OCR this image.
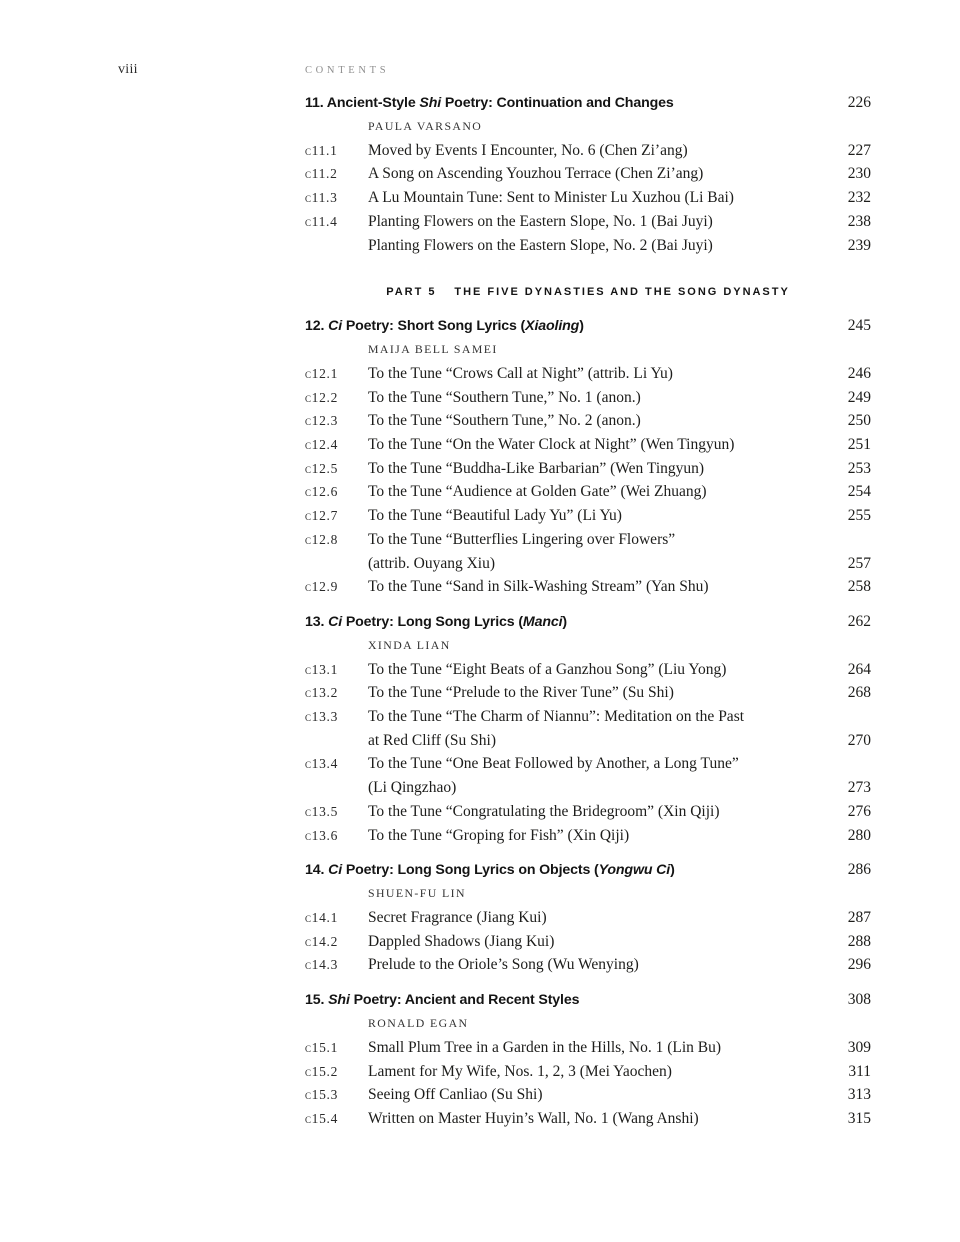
viii	CONTENTS
11. Ancient-Style Shi Poetry: Continuation and Changes	226
PAULA VARSANO
c11.1	Moved by Events I Encounter, No. 6 (Chen Zi’ang)	227
c11.2	A Song on Ascending Youzhou Terrace (Chen Zi’ang)	230
c11.3	A Lu Mountain Tune: Sent to Minister Lu Xuzhou (Li Bai)	232
c11.4	Planting Flowers on the Eastern Slope, No. 1 (Bai Juyi)	238
Planting Flowers on the Eastern Slope, No. 2 (Bai Juyi)	239
PART 5 THE FIVE DYNASTIES AND THE SONG DYNASTY
12. Ci Poetry: Short Song Lyrics (Xiaoling)	245
MAIJA BELL SAMEI
c12.1	To the Tune “Crows Call at Night” (attrib. Li Yu)	246
c12.2	To the Tune “Southern Tune,” No. 1 (anon.)	249
c12.3	To the Tune “Southern Tune,” No. 2 (anon.)	250
c12.4	To the Tune “On the Water Clock at Night” (Wen Tingyun)	251
c12.5	To the Tune “Buddha-Like Barbarian” (Wen Tingyun)	253
c12.6	To the Tune “Audience at Golden Gate” (Wei Zhuang)	254
c12.7	To the Tune “Beautiful Lady Yu” (Li Yu)	255
c12.8	To the Tune “Butterflies Lingering over Flowers”
(attrib. Ouyang Xiu)	257
c12.9	To the Tune “Sand in Silk-Washing Stream” (Yan Shu)	258
13. Ci Poetry: Long Song Lyrics (Manci)	262
XINDA LIAN
c13.1	To the Tune “Eight Beats of a Ganzhou Song” (Liu Yong)	264
c13.2	To the Tune “Prelude to the River Tune” (Su Shi)	268
c13.3	To the Tune “The Charm of Niannu”: Meditation on the Past
at Red Cliff (Su Shi)	270
c13.4	To the Tune “One Beat Followed by Another, a Long Tune”
(Li Qingzhao)	273
c13.5	To the Tune “Congratulating the Bridegroom” (Xin Qiji)	276
c13.6	To the Tune “Groping for Fish” (Xin Qiji)	280
14. Ci Poetry: Long Song Lyrics on Objects (Yongwu Ci)	286
SHUEN-FU LIN
c14.1	Secret Fragrance (Jiang Kui)	287
c14.2	Dappled Shadows (Jiang Kui)	288
c14.3	Prelude to the Oriole’s Song (Wu Wenying)	296
15. Shi Poetry: Ancient and Recent Styles	308
RONALD EGAN
c15.1	Small Plum Tree in a Garden in the Hills, No. 1 (Lin Bu)	309
c15.2	Lament for My Wife, Nos. 1, 2, 3 (Mei Yaochen)	311
c15.3	Seeing Off Canliao (Su Shi)	313
c15.4	Written on Master Huyin’s Wall, No. 1 (Wang Anshi)	315
